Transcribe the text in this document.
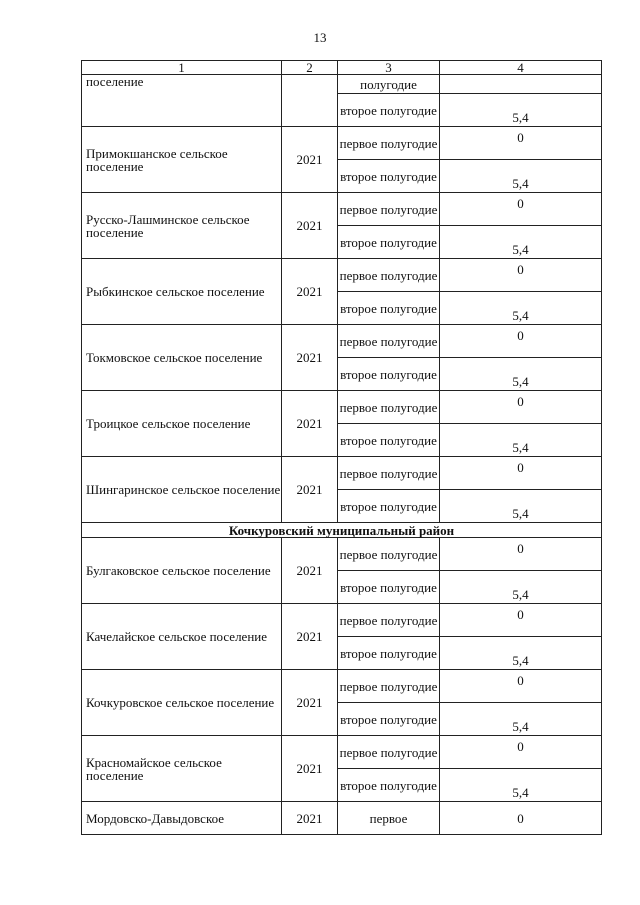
13
1	2	3	4
поселение		полугодие	
		второе полугодие	5,4
Примокшанское сельское поселение	2021	первое полугодие	0
		второе полугодие	5,4
Русско-Лашминское сельское поселение	2021	первое полугодие	0
		второе полугодие	5,4
Рыбкинское сельское поселение	2021	первое полугодие	0
		второе полугодие	5,4
Токмовское сельское поселение	2021	первое полугодие	0
		второе полугодие	5,4
Троицкое сельское поселение	2021	первое полугодие	0
		второе полугодие	5,4
Шингаринское сельское поселение	2021	первое полугодие	0
		второе полугодие	5,4
Кочкуровский муниципальный район			
Булгаковское сельское поселение	2021	первое полугодие	0
		второе полугодие	5,4
Качелайское сельское поселение	2021	первое полугодие	0
		второе полугодие	5,4
Кочкуровское сельское поселение	2021	первое полугодие	0
		второе полугодие	5,4
Красномайское сельское поселение	2021	первое полугодие	0
		второе полугодие	5,4
Мордовско-Давыдовское	2021	первое	0
